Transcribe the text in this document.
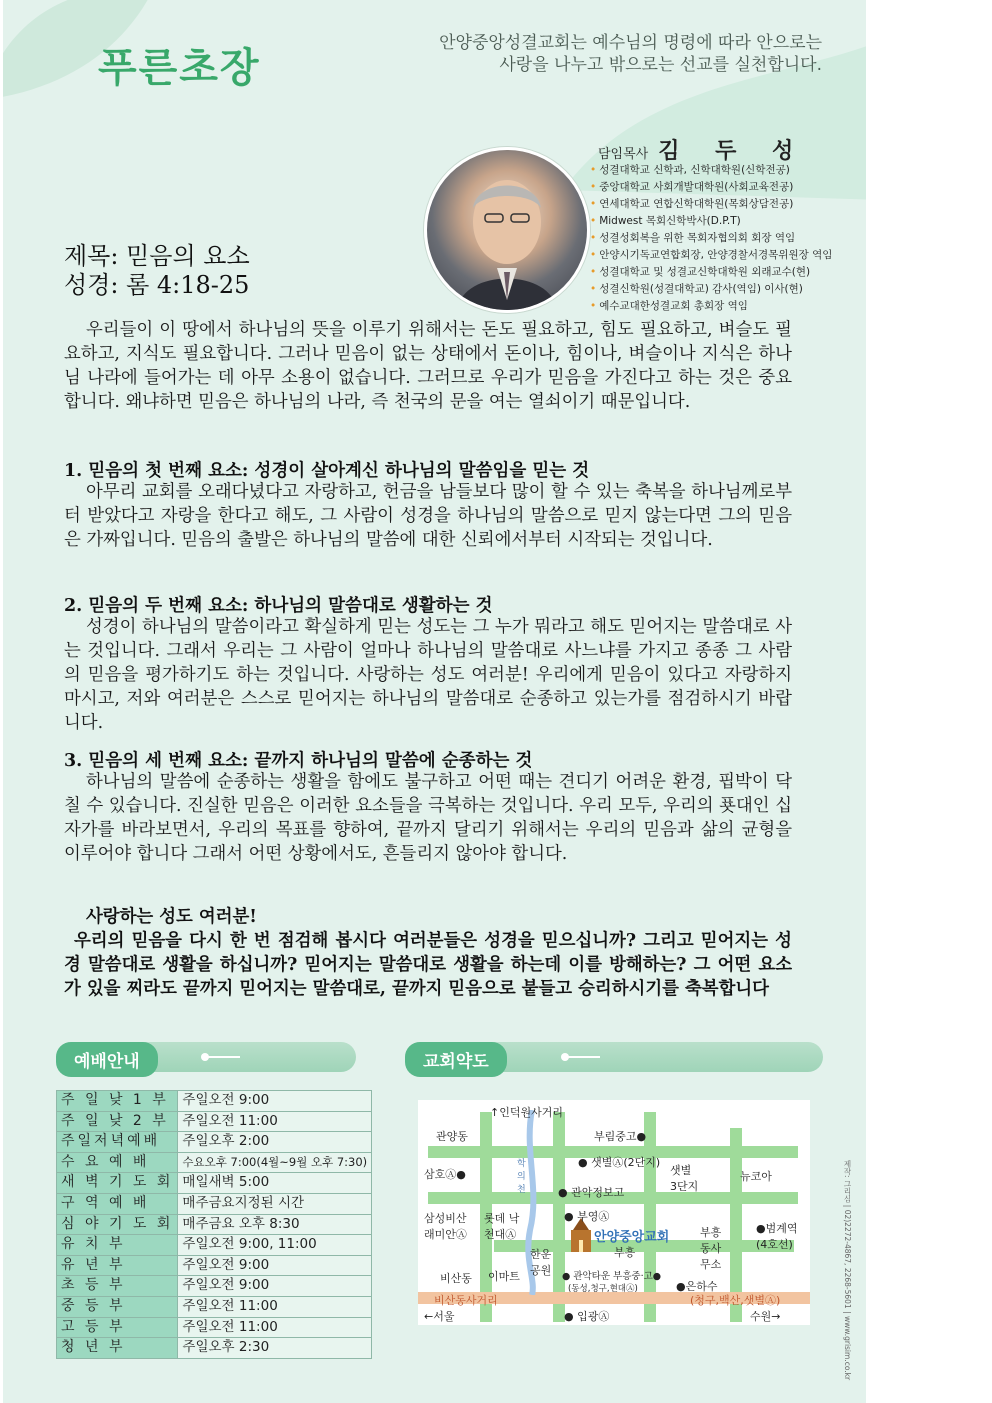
푸른초장
안양중앙성결교회는 예수님의 명령에 따라 안으로는
사랑을 나누고 밖으로는 선교를 실천합니다.
담임목사 김 두 성
• 성결대학교 신학과, 신학대학원(신학전공)
• 중앙대학교 사회개발대학원(사회교육전공)
• 연세대학교 연합신학대학원(목회상담전공)
• Midwest 목회신학박사(D.P.T)
• 성결성회복을 위한 목회자협의회 회장 역임
• 안양시기독교연합회장, 안양경찰서경목위원장 역임
• 성결대학교 및 성결교신학대학원 외래교수(현)
• 성결신학원(성결대학교) 감사(역임) 이사(현)
• 예수교대한성결교회 총회장 역임
제목: 믿음의 요소
성경: 롬 4:18-25
우리들이 이 땅에서 하나님의 뜻을 이루기 위해서는 돈도 필요하고, 힘도 필요하고, 벼슬도 필요하고, 지식도 필요합니다. 그러나 믿음이 없는 상태에서 돈이나, 힘이나, 벼슬이나 지식은 하나님 나라에 들어가는 데 아무 소용이 없습니다. 그러므로 우리가 믿음을 가진다고 하는 것은 중요합니다. 왜냐하면 믿음은 하나님의 나라, 즉 천국의 문을 여는 열쇠이기 때문입니다.
1. 믿음의 첫 번째 요소: 성경이 살아계신 하나님의 말씀임을 믿는 것
아무리 교회를 오래다녔다고 자랑하고, 헌금을 남들보다 많이 할 수 있는 축복을 하나님께로부터 받았다고 자랑을 한다고 해도, 그 사람이 성경을 하나님의 말씀으로 믿지 않는다면 그의 믿음은 가짜입니다. 믿음의 출발은 하나님의 말씀에 대한 신뢰에서부터 시작되는 것입니다.
2. 믿음의 두 번째 요소: 하나님의 말씀대로 생활하는 것
성경이 하나님의 말씀이라고 확실하게 믿는 성도는 그 누가 뭐라고 해도 믿어지는 말씀대로 사는 것입니다. 그래서 우리는 그 사람이 얼마나 하나님의 말씀대로 사느냐를 가지고 종종 그 사람의 믿음을 평가하기도 하는 것입니다. 사랑하는 성도 여러분! 우리에게 믿음이 있다고 자랑하지 마시고, 저와 여러분은 스스로 믿어지는 하나님의 말씀대로 순종하고 있는가를 점검하시기 바랍니다.
3. 믿음의 세 번째 요소: 끝까지 하나님의 말씀에 순종하는 것
하나님의 말씀에 순종하는 생활을 함에도 불구하고 어떤 때는 견디기 어려운 환경, 핍박이 닥칠 수 있습니다. 진실한 믿음은 이러한 요소들을 극복하는 것입니다. 우리 모두, 우리의 푯대인 십자가를 바라보면서, 우리의 목표를 향하여, 끝까지 달리기 위해서는 우리의 믿음과 삶의 균형을 이루어야 합니다 그래서 어떤 상황에서도, 흔들리지 않아야 합니다.
사랑하는 성도 여러분!
우리의 믿음을 다시 한 번 점검해 봅시다 여러분들은 성경을 믿으십니까? 그리고 믿어지는 성경 말씀대로 생활을 하십니까? 믿어지는 말씀대로 생활을 하는데 이를 방해하는? 그 어떤 요소가 있을 찌라도 끝까지 믿어지는 말씀대로, 끝까지 믿음으로 붙들고 승리하시기를 축복합니다
예배안내
주 일 낮 1 부	주일오전 9:00
주 일 낮 2 부	주일오전 11:00
주일저녁예배	주일오후 2:00
수 요 예 배	수요오후 7:00(4월~9월 오후 7:30)
새 벽 기 도 회	매일새벽 5:00
구 역 예 배	매주금요지정된 시간
심 야 기 도 회	매주금요 오후 8:30
유 치 부	주일오전 9:00, 11:00
유 년 부	주일오전 9:00
초 등 부	주일오전 9:00
중 등 부	주일오전 11:00
고 등 부	주일오전 11:00
청 년 부	주일오후 2:30
교회약도
관양동
↑인덕원사거리
부림중고●
삼호Ⓐ●
● 샛별Ⓐ(2단지)
샛별 3단지
뉴코아
학의천	● 관악정보고
삼성비산 래미안Ⓐ
롯데 낙천대Ⓐ
● 부영Ⓐ
안양중앙교회
부흥
부흥 동사 무소
●범계역 (4호선)
비산동 이마트
한운 공원 ● 관악타운 부흥중·고●
(동성,청구,현대Ⓐ)	●은하수
비산동사거리	(청구,백산,샛별Ⓐ)
←서울	● 입광Ⓐ	수원→	제작: 그리심 | 02)2272-4867, 2268-5601 | www.grisim.co.kr
